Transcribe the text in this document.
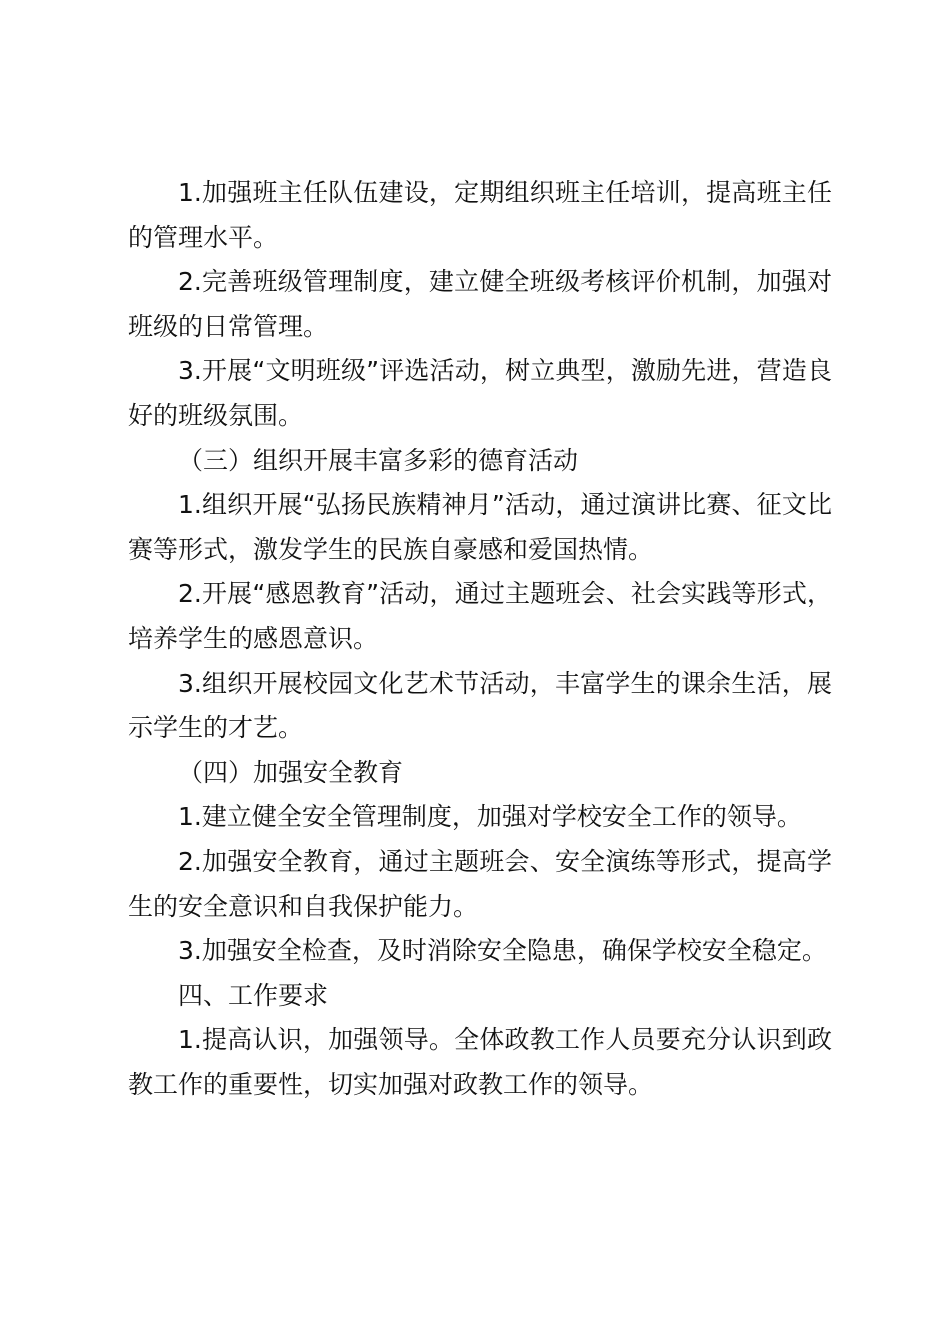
1.加强班主任队伍建设，定期组织班主任培训，提高班主任的管理水平。

2.完善班级管理制度，建立健全班级考核评价机制，加强对班级的日常管理。

3.开展“文明班级”评选活动，树立典型，激励先进，营造良好的班级氛围。

（三）组织开展丰富多彩的德育活动

1.组织开展“弘扬民族精神月”活动，通过演讲比赛、征文比赛等形式，激发学生的民族自豪感和爱国热情。

2.开展“感恩教育”活动，通过主题班会、社会实践等形式，培养学生的感恩意识。

3.组织开展校园文化艺术节活动，丰富学生的课余生活，展示学生的才艺。

（四）加强安全教育

1.建立健全安全管理制度，加强对学校安全工作的领导。

2.加强安全教育，通过主题班会、安全演练等形式，提高学生的安全意识和自我保护能力。

3.加强安全检查，及时消除安全隐患，确保学校安全稳定。

四、工作要求

1.提高认识，加强领导。全体政教工作人员要充分认识到政教工作的重要性，切实加强对政教工作的领导。
